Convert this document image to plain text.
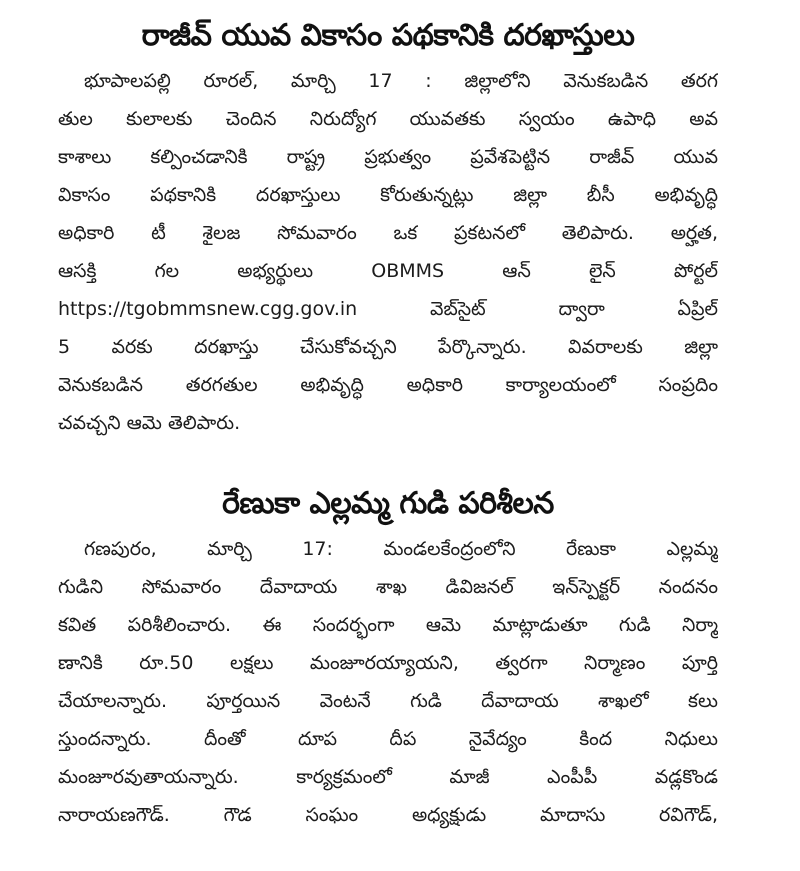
రాజీవ్ యువ వికాసం పథకానికి దరఖాస్తులు
భూపాలపల్లి రూరల్, మార్చి 17 : జిల్లాలోని వెనుకబడిన తరగ
తుల కులాలకు చెందిన నిరుద్యోగ యువతకు స్వయం ఉపాధి అవ
కాశాలు కల్పించడానికి రాష్ట్ర ప్రభుత్వం ప్రవేశపెట్టిన రాజీవ్ యువ
వికాసం పథకానికి దరఖాస్తులు కోరుతున్నట్లు జిల్లా బీసీ అభివృద్ధి
అధికారి టీ శైలజ సోమవారం ఒక ప్రకటనలో తెలిపారు. అర్హత,
ఆసక్తి గల అభ్యర్థులు OBMMS ఆన్ లైన్ పోర్టల్
https://tgobmmsnew.cgg.gov.in వెబ్‌సైట్ ద్వారా ఏప్రిల్
5 వరకు దరఖాస్తు చేసుకోవచ్చని పేర్కొన్నారు. వివరాలకు జిల్లా
వెనుకబడిన తరగతుల అభివృద్ధి అధికారి కార్యాలయంలో సంప్రదిం
చవచ్చని ఆమె తెలిపారు.
రేణుకా ఎల్లమ్మ గుడి పరిశీలన
గణపురం, మార్చి 17: మండలకేంద్రంలోని రేణుకా ఎల్లమ్మ
గుడిని సోమవారం దేవాదాయ శాఖ డివిజనల్ ఇన్‌స్పెక్టర్ నందనం
కవిత పరిశీలించారు. ఈ సందర్భంగా ఆమె మాట్లాడుతూ గుడి నిర్మా
ణానికి రూ.50 లక్షలు మంజూరయ్యాయని, త్వరగా నిర్మాణం పూర్తి
చేయాలన్నారు. పూర్తయిన వెంటనే గుడి దేవాదాయ శాఖలో కలు
స్తుందన్నారు. దీంతో దూప దీప నైవేద్యం కింద నిధులు
మంజూరవుతాయన్నారు. కార్యక్రమంలో మాజీ ఎంపీపీ వడ్లకొండ
నారాయణగౌడ్. గౌడ సంఘం అధ్యక్షుడు మాదాసు రవిగౌడ్,
